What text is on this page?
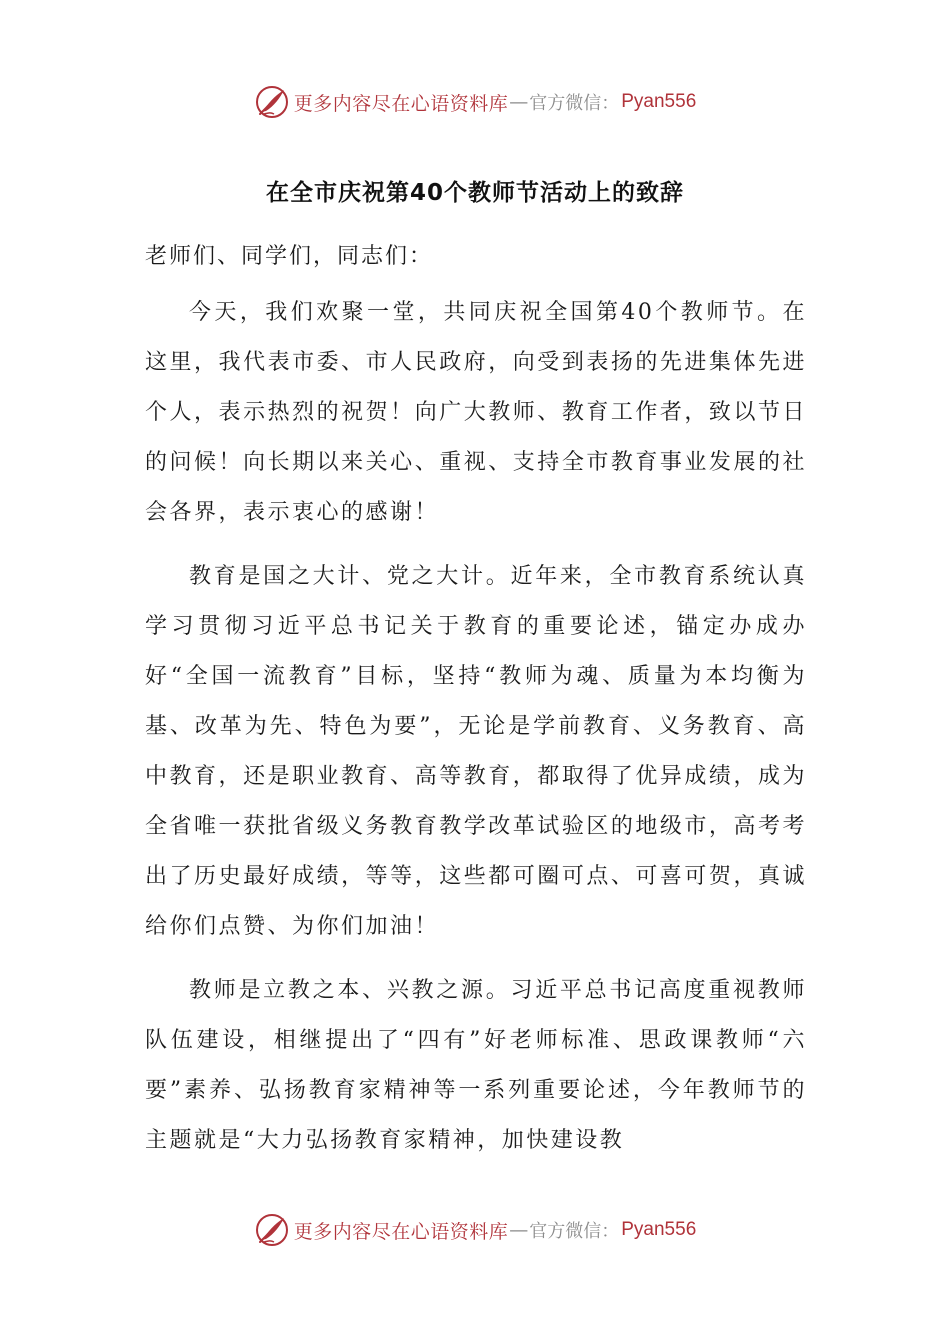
更多内容尽在心语资料库 — 官方微信： Pyan556
在全市庆祝第40个教师节活动上的致辞

老师们、同学们，同志们：

今天，我们欢聚一堂，共同庆祝全国第40个教师节。在这里，我代表市委、市人民政府，向受到表扬的先进集体先进个人，表示热烈的祝贺！向广大教师、教育工作者，致以节日的问候！向长期以来关心、重视、支持全市教育事业发展的社会各界，表示衷心的感谢！

教育是国之大计、党之大计。近年来，全市教育系统认真学习贯彻习近平总书记关于教育的重要论述，锚定办成办好“全国一流教育”目标，坚持“教师为魂、质量为本均衡为基、改革为先、特色为要”，无论是学前教育、义务教育、高中教育，还是职业教育、高等教育，都取得了优异成绩，成为全省唯一获批省级义务教育教学改革试验区的地级市，高考考出了历史最好成绩，等等，这些都可圈可点、可喜可贺，真诚给你们点赞、为你们加油！

教师是立教之本、兴教之源。习近平总书记高度重视教师队伍建设，相继提出了“四有”好老师标准、思政课教师“六要”素养、弘扬教育家精神等一系列重要论述，今年教师节的主题就是“大力弘扬教育家精神，加快建设教

更多内容尽在心语资料库 — 官方微信： Pyan556
